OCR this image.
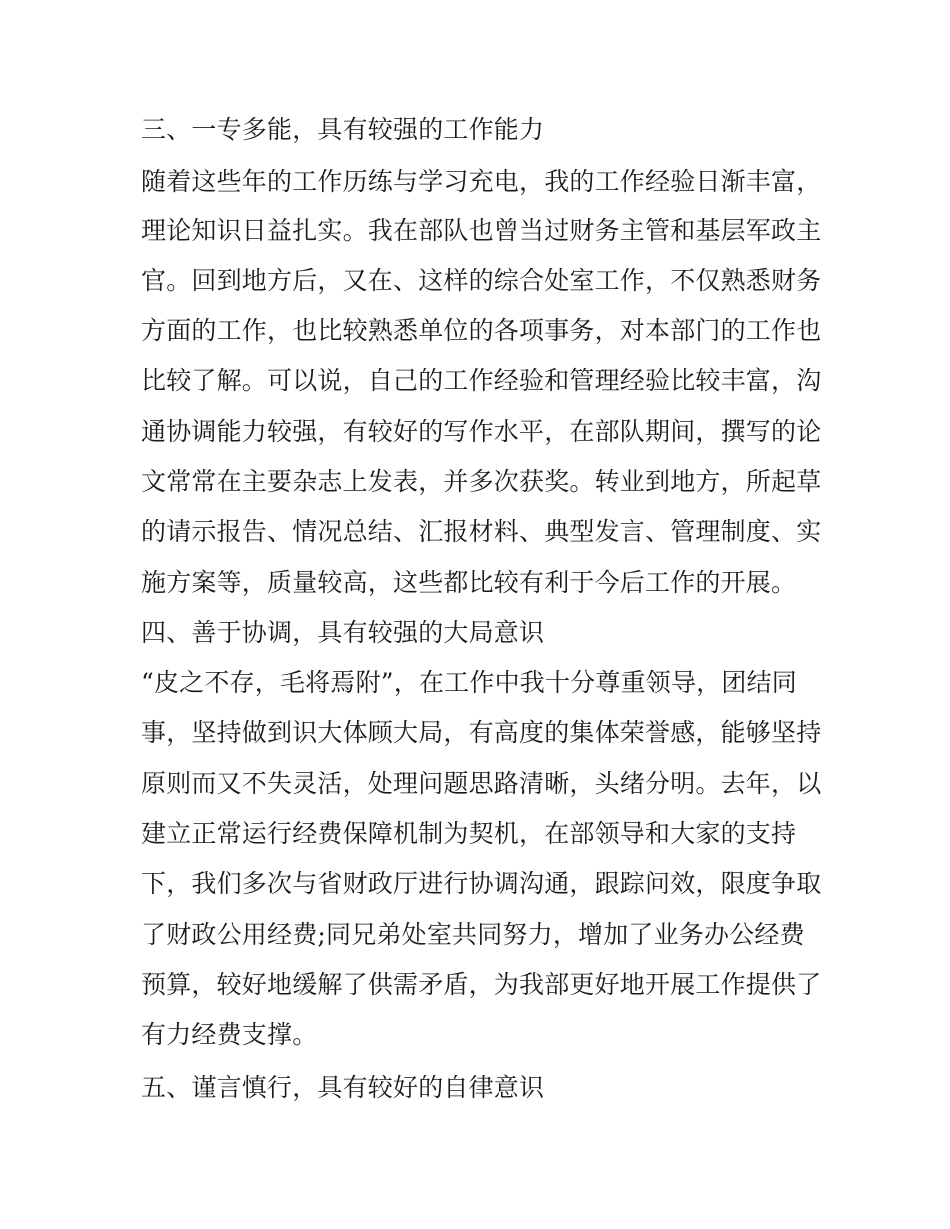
三、一专多能，具有较强的工作能力
随着这些年的工作历练与学习充电，我的工作经验日渐丰富，
理论知识日益扎实。我在部队也曾当过财务主管和基层军政主
官。回到地方后，又在、这样的综合处室工作，不仅熟悉财务
方面的工作，也比较熟悉单位的各项事务，对本部门的工作也
比较了解。可以说，自己的工作经验和管理经验比较丰富，沟
通协调能力较强，有较好的写作水平，在部队期间，撰写的论
文常常在主要杂志上发表，并多次获奖。转业到地方，所起草
的请示报告、情况总结、汇报材料、典型发言、管理制度、实
施方案等，质量较高，这些都比较有利于今后工作的开展。
四、善于协调，具有较强的大局意识
“皮之不存，毛将焉附”，在工作中我十分尊重领导，团结同
事，坚持做到识大体顾大局，有高度的集体荣誉感，能够坚持
原则而又不失灵活，处理问题思路清晰，头绪分明。去年，以
建立正常运行经费保障机制为契机，在部领导和大家的支持
下，我们多次与省财政厅进行协调沟通，跟踪问效，限度争取
了财政公用经费;同兄弟处室共同努力，增加了业务办公经费
预算，较好地缓解了供需矛盾，为我部更好地开展工作提供了
有力经费支撑。
五、谨言慎行，具有较好的自律意识
